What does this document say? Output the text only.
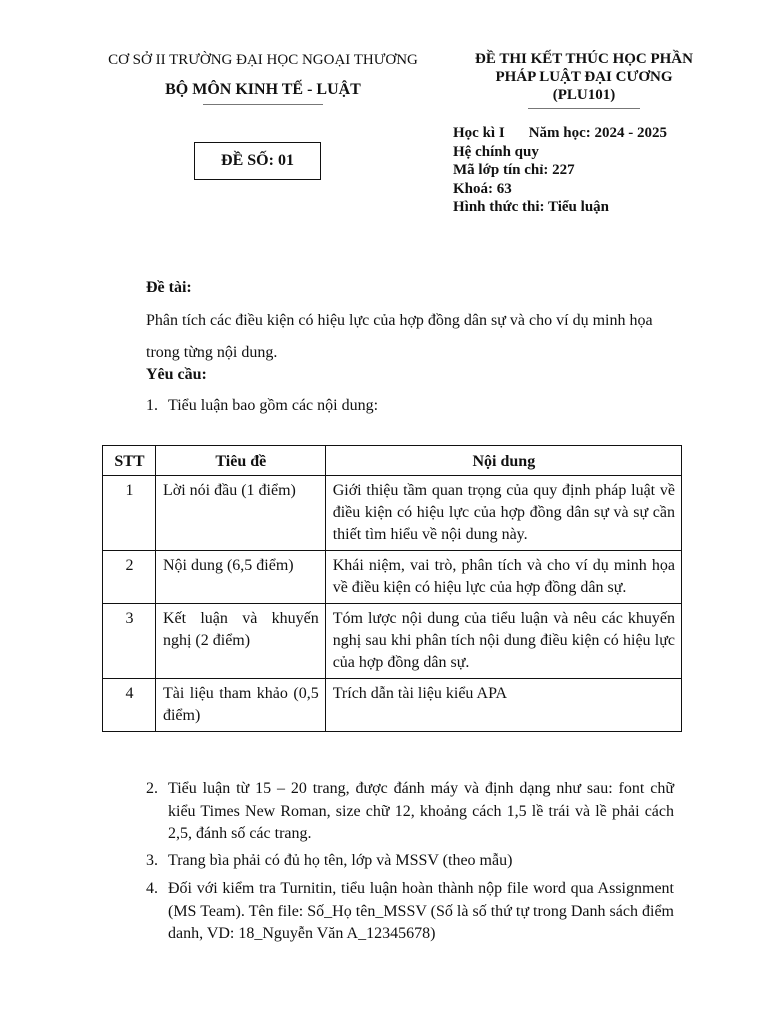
CƠ SỞ II TRƯỜNG ĐẠI HỌC NGOẠI THƯƠNG
BỘ MÔN KINH TẾ - LUẬT
ĐỀ THI KẾT THÚC HỌC PHẦN
PHÁP LUẬT ĐẠI CƯƠNG
(PLU101)
ĐỀ SỐ: 01
Học kì I Năm học: 2024 - 2025
Hệ chính quy
Mã lớp tín chỉ: 227
Khoá: 63
Hình thức thi: Tiểu luận
Đề tài:
Phân tích các điều kiện có hiệu lực của hợp đồng dân sự và cho ví dụ minh họa trong từng nội dung.
Yêu cầu:
1. Tiểu luận bao gồm các nội dung:
STT	Tiêu đề	Nội dung
1	Lời nói đầu (1 điểm)	Giới thiệu tầm quan trọng của quy định pháp luật về điều kiện có hiệu lực của hợp đồng dân sự và sự cần thiết tìm hiểu về nội dung này.
2	Nội dung (6,5 điểm)	Khái niệm, vai trò, phân tích và cho ví dụ minh họa về điều kiện có hiệu lực của hợp đồng dân sự.
3	Kết luận và khuyến nghị (2 điểm)	Tóm lược nội dung của tiểu luận và nêu các khuyến nghị sau khi phân tích nội dung điều kiện có hiệu lực của hợp đồng dân sự.
4	Tài liệu tham khảo (0,5 điểm)	Trích dẫn tài liệu kiểu APA
2. Tiểu luận từ 15 – 20 trang, được đánh máy và định dạng như sau: font chữ kiểu Times New Roman, size chữ 12, khoảng cách 1,5 lề trái và lề phải cách 2,5, đánh số các trang.
3. Trang bìa phải có đủ họ tên, lớp và MSSV (theo mẫu)
4. Đối với kiểm tra Turnitin, tiểu luận hoàn thành nộp file word qua Assignment (MS Team). Tên file: Số_Họ tên_MSSV (Số là số thứ tự trong Danh sách điểm danh, VD: 18_Nguyễn Văn A_12345678)
